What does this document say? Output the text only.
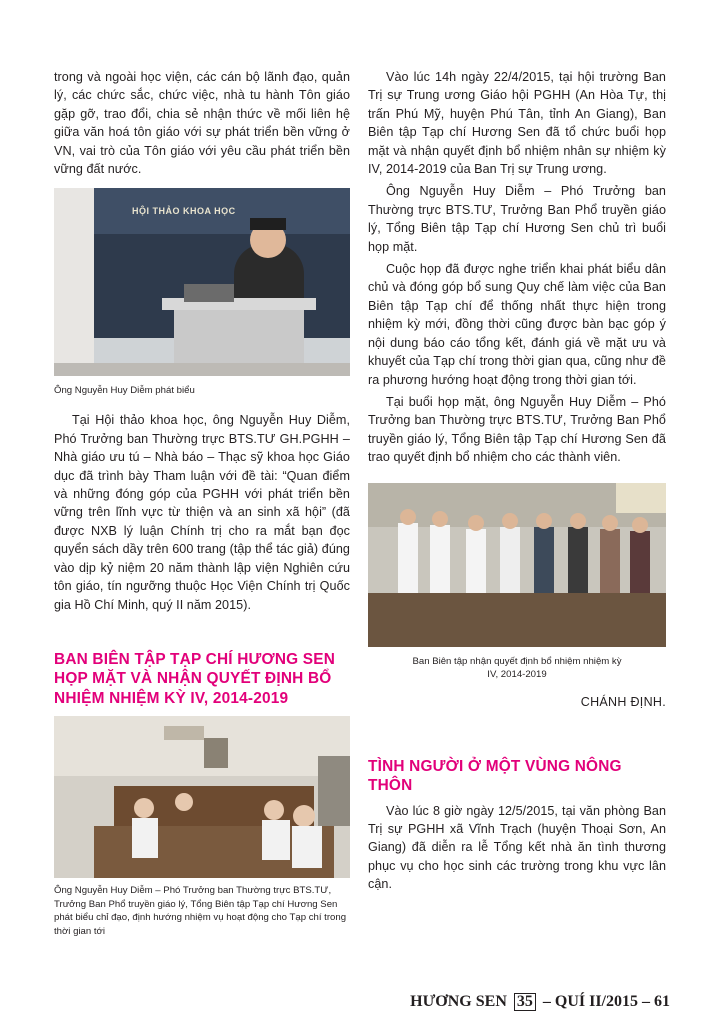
trong và ngoài học viện, các cán bộ lãnh đạo, quản lý, các chức sắc, chức việc, nhà tu hành Tôn giáo gặp gỡ, trao đổi, chia sẻ nhận thức về mối liên hệ giữa văn hoá tôn giáo với sự phát triển bền vững ở VN, vai trò của Tôn giáo với yêu cầu phát triển bền vững đất nước.

HỘI THẢO KHOA HỌC

Ông Nguyễn Huy Diễm phát biểu

Tại Hội thảo khoa học, ông Nguyễn Huy Diễm, Phó Trưởng ban Thường trực BTS.TƯ GH.PGHH – Nhà giáo ưu tú – Nhà báo – Thạc sỹ khoa học Giáo dục đã trình bày Tham luận với đề tài: “Quan điểm và những đóng góp của PGHH với phát triển bền vững trên lĩnh vực từ thiện và an sinh xã hội” (đã được NXB lý luận Chính trị cho ra mắt bạn đọc quyển sách dầy trên 600 trang (tập thể tác giả) đúng vào dịp kỷ niệm 20 năm thành lập viện Nghiên cứu tôn giáo, tín ngưỡng thuộc Học Viện Chính trị Quốc gia Hồ Chí Minh, quý II năm 2015).

BAN BIÊN TẬP TẠP CHÍ HƯƠNG SEN HỌP MẶT VÀ NHẬN QUYẾT ĐỊNH BỔ NHIỆM NHIỆM KỲ IV, 2014-2019

Ông Nguyễn Huy Diễm – Phó Trưởng ban Thường trực BTS.TƯ, Trưởng Ban Phổ truyền giáo lý, Tổng Biên tập Tạp chí Hương Sen phát biểu chỉ đạo, định hướng nhiệm vụ hoạt động cho Tạp chí trong thời gian tới

Vào lúc 14h ngày 22/4/2015, tại hội trường Ban Trị sự Trung ương Giáo hội PGHH (An Hòa Tự, thị trấn Phú Mỹ, huyện Phú Tân, tỉnh An Giang), Ban Biên tập Tạp chí Hương Sen đã tổ chức buổi họp mặt và nhận quyết định bổ nhiệm nhân sự nhiệm kỳ IV, 2014-2019 của Ban Trị sự Trung ương.

Ông Nguyễn Huy Diễm – Phó Trưởng ban Thường trực BTS.TƯ, Trưởng Ban Phổ truyền giáo lý, Tổng Biên tập Tạp chí Hương Sen chủ trì buổi họp mặt.

Cuộc họp đã được nghe triển khai phát biểu dân chủ và đóng góp bổ sung Quy chế làm việc của Ban Biên tập Tạp chí để thống nhất thực hiện trong nhiệm kỳ mới, đồng thời cũng được bàn bạc góp ý nội dung báo cáo tổng kết, đánh giá về mặt ưu và khuyết của Tạp chí trong thời gian qua, cũng như đề ra phương hướng hoạt động trong thời gian tới.

Tại buổi họp mặt, ông Nguyễn Huy Diễm – Phó Trưởng ban Thường trực BTS.TƯ, Trưởng Ban Phổ truyền giáo lý, Tổng Biên tập Tạp chí Hương Sen đã trao quyết định bổ nhiệm cho các thành viên.

Ban Biên tập nhận quyết định bổ nhiệm nhiệm kỳ IV, 2014-2019

CHÁNH ĐỊNH.

TÌNH NGƯỜI Ở MỘT VÙNG NÔNG THÔN

Vào lúc 8 giờ ngày 12/5/2015, tại văn phòng Ban Trị sự PGHH xã Vĩnh Trạch (huyện Thoại Sơn, An Giang) đã diễn ra lễ Tổng kết nhà ăn tình thương phục vụ cho học sinh các trường trong khu vực lân cận.

HƯƠNG SEN 35 – QUÍ II/2015 – 61
